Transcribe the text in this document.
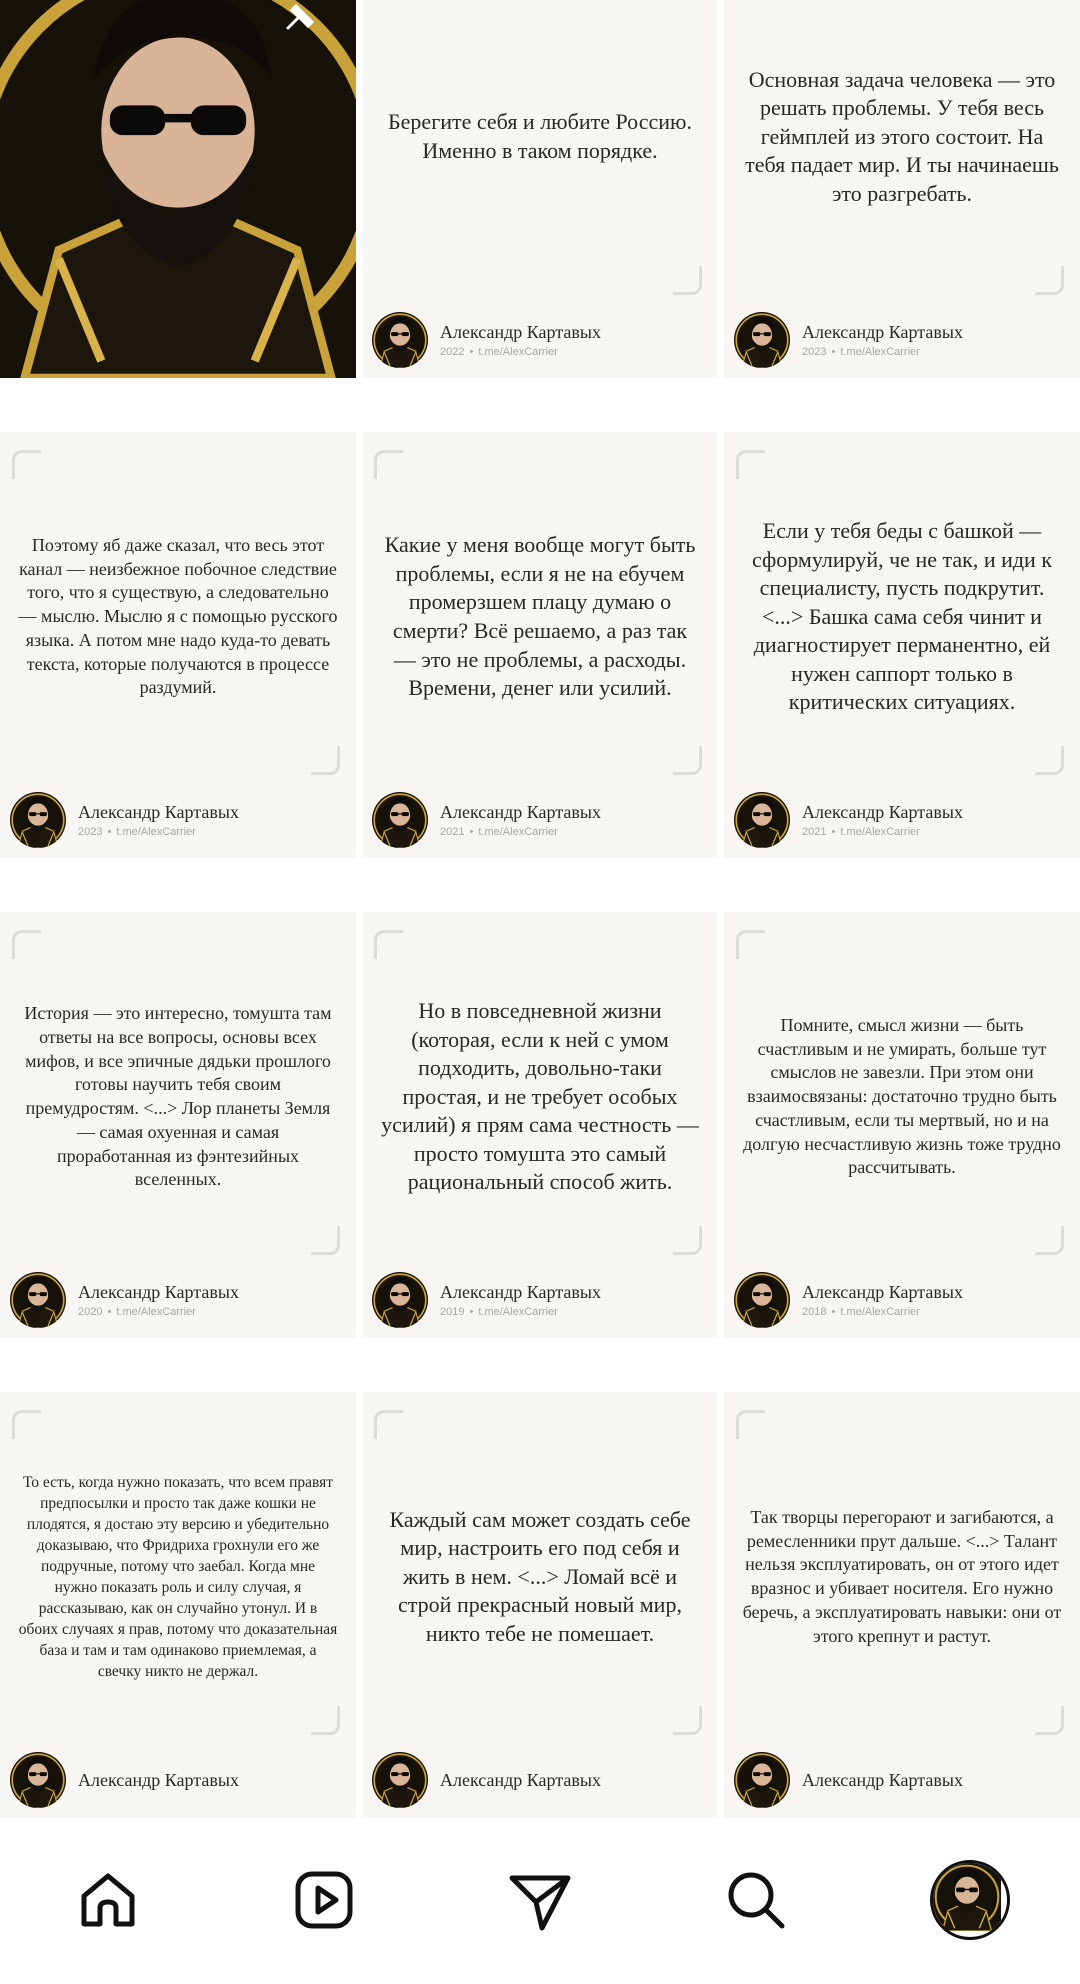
Берегите себя и любите Россию. Именно в таком порядке.
Александр Картавых
2022 • t.me/AlexCarrier
Основная задача человека — это решать проблемы. У тебя весь геймплей из этого состоит. На тебя падает мир. И ты начинаешь это разгребать.
Александр Картавых
2023 • t.me/AlexCarrier
Поэтому яб даже сказал, что весь этот канал — неизбежное побочное следствие того, что я существую, а следовательно — мыслю. Мыслю я с помощью русского языка. А потом мне надо куда-то девать текста, которые получаются в процессе раздумий.
Александр Картавых
2023 • t.me/AlexCarrier
Какие у меня вообще могут быть проблемы, если я не на ебучем промерзшем плацу думаю о смерти? Всё решаемо, а раз так — это не проблемы, а расходы. Времени, денег или усилий.
Александр Картавых
2021 • t.me/AlexCarrier
Если у тебя беды с башкой — сформулируй, че не так, и иди к специалисту, пусть подкрутит. <...> Башка сама себя чинит и диагностирует перманентно, ей нужен саппорт только в критических ситуациях.
Александр Картавых
2021 • t.me/AlexCarrier
История — это интересно, томушта там ответы на все вопросы, основы всех мифов, и все эпичные дядьки прошлого готовы научить тебя своим премудростям. <...> Лор планеты Земля — самая охуенная и самая проработанная из фэнтезийных вселенных.
Александр Картавых
2020 • t.me/AlexCarrier
Но в повседневной жизни (которая, если к ней с умом подходить, довольно-таки простая, и не требует особых усилий) я прям сама честность — просто томушта это самый рациональный способ жить.
Александр Картавых
2019 • t.me/AlexCarrier
Помните, смысл жизни — быть счастливым и не умирать, больше тут смыслов не завезли. При этом они взаимосвязаны: достаточно трудно быть счастливым, если ты мертвый, но и на долгую несчастливую жизнь тоже трудно рассчитывать.
Александр Картавых
2018 • t.me/AlexCarrier
То есть, когда нужно показать, что всем правят предпосылки и просто так даже кошки не плодятся, я достаю эту версию и убедительно доказываю, что Фридриха грохнули его же подручные, потому что заебал. Когда мне нужно показать роль и силу случая, я рассказываю, как он случайно утонул. И в обоих случаях я прав, потому что доказательная база и там и там одинаково приемлемая, а свечку никто не держал.
Александр Картавых
Каждый сам может создать себе мир, настроить его под себя и жить в нем. <...> Ломай всё и строй прекрасный новый мир, никто тебе не помешает.
Александр Картавых
Так творцы перегорают и загибаются, а ремесленники прут дальше. <...> Талант нельзя эксплуатировать, он от этого идет вразнос и убивает носителя. Его нужно беречь, а эксплуатировать навыки: они от этого крепнут и растут.
Александр Картавых
